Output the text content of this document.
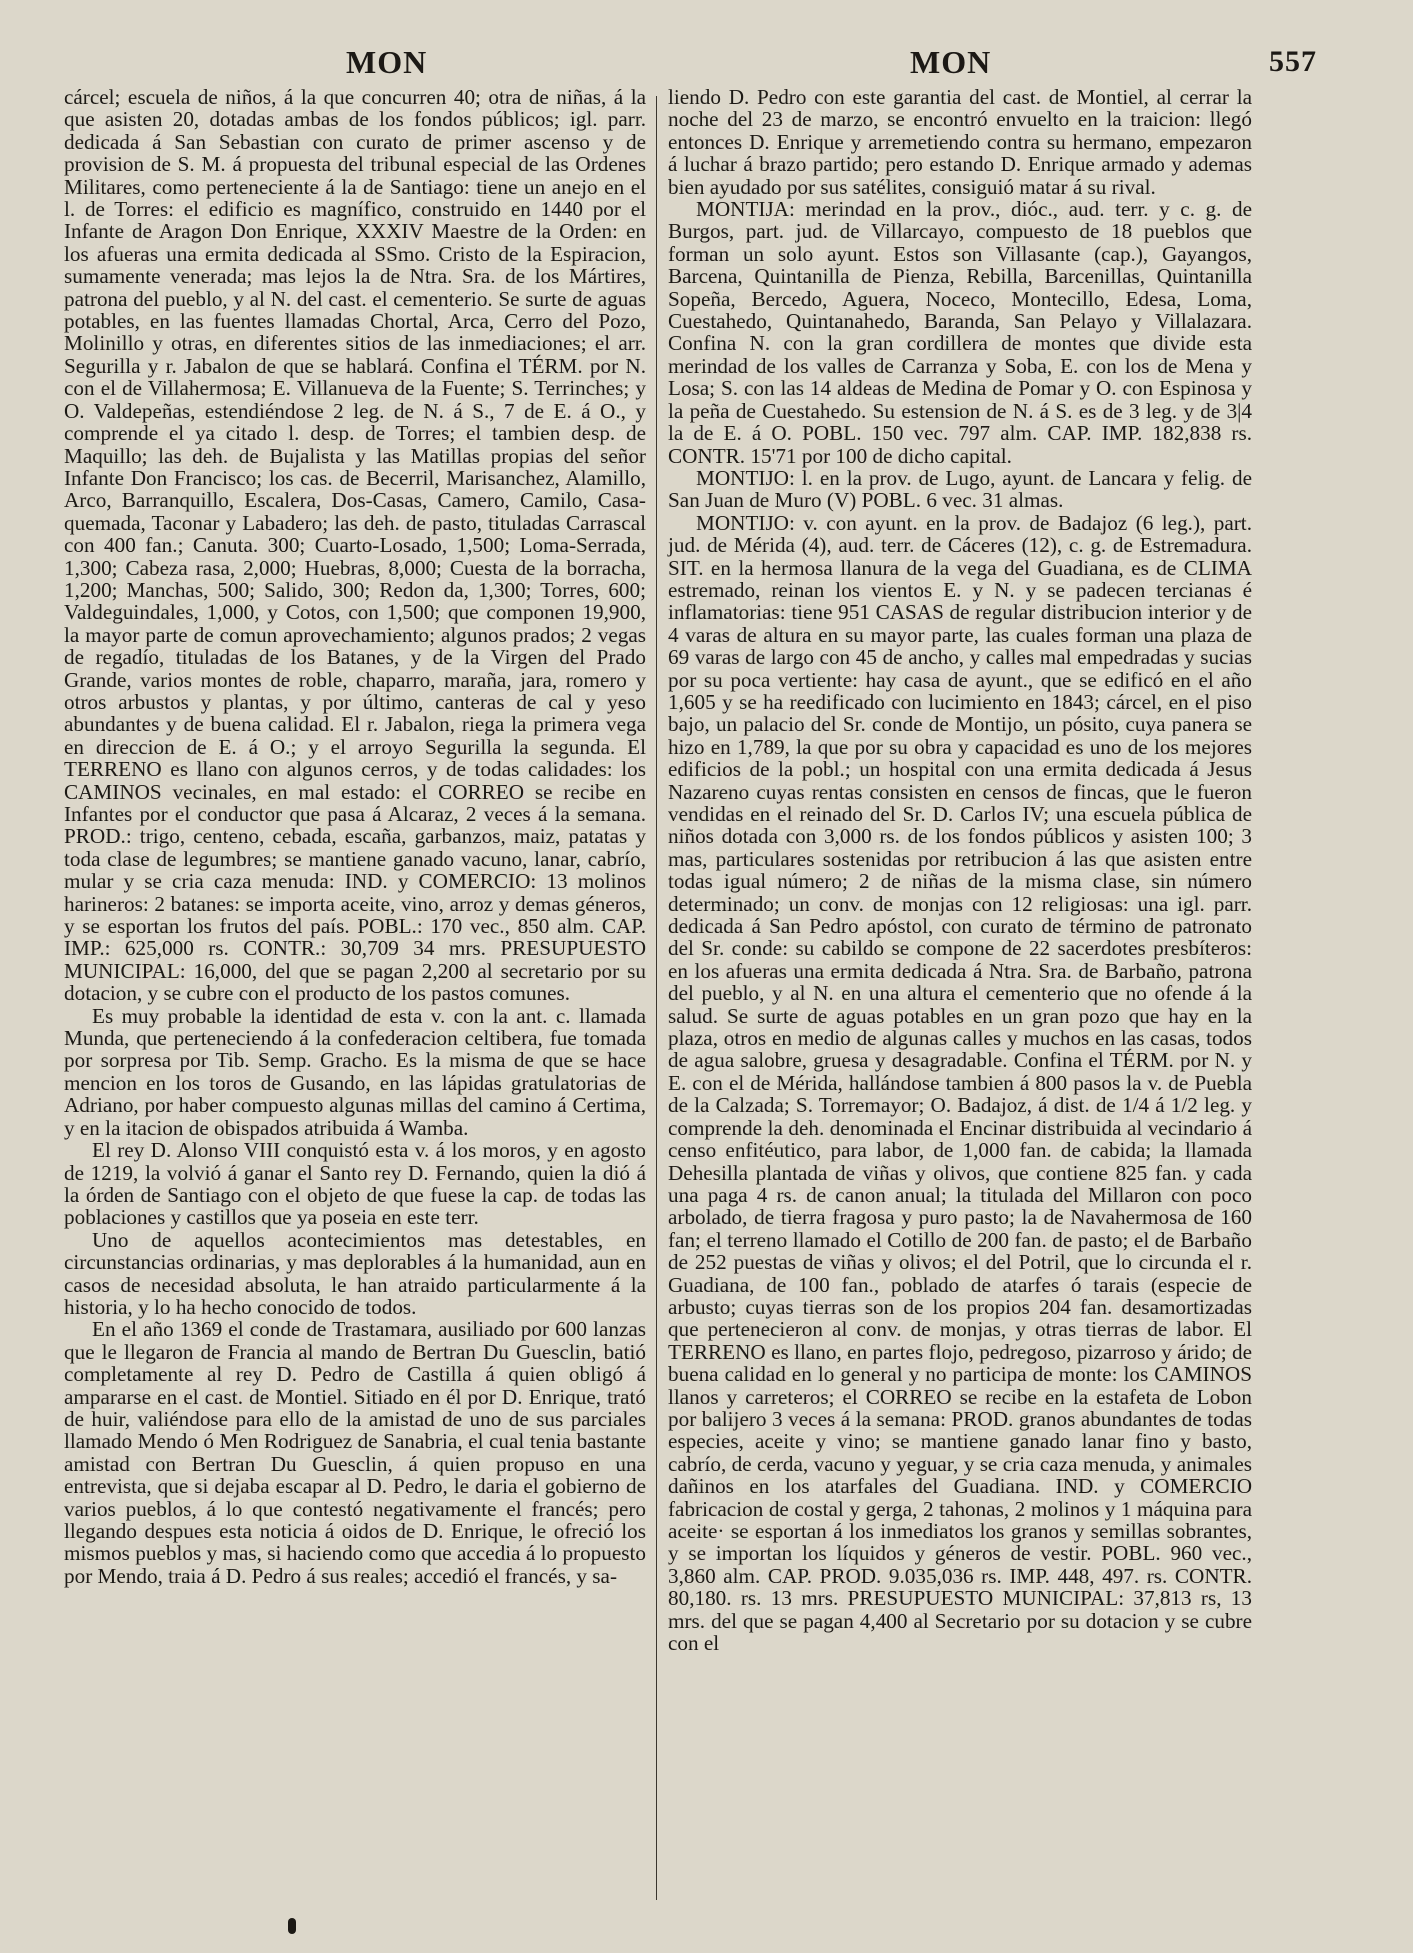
MON	MON	557

cárcel; escuela de niños, á la que concurren 40; otra de niñas, á la que asisten 20, dotadas ambas de los fondos públicos; igl. parr. dedicada á San Sebastian con curato de primer ascenso y de provision de S. M. á propuesta del tribunal especial de las Ordenes Militares, como perteneciente á la de Santiago: tiene un anejo en el l. de Torres: el edificio es magnífico, construido en 1440 por el Infante de Aragon Don Enrique, XXXIV Maestre de la Orden: en los afueras una ermita dedicada al SSmo. Cristo de la Espiracion, sumamente venerada; mas lejos la de Ntra. Sra. de los Mártires, patrona del pueblo, y al N. del cast. el cementerio. Se surte de aguas potables, en las fuentes llamadas Chortal, Arca, Cerro del Pozo, Molinillo y otras, en diferentes sitios de las inmediaciones; el arr. Segurilla y r. Jabalon de que se hablará. Confina el TÉRM. por N. con el de Villahermosa; E. Villanueva de la Fuente; S. Terrinches; y O. Valdepeñas, estendiéndose 2 leg. de N. á S., 7 de E. á O., y comprende el ya citado l. desp. de Torres; el tambien desp. de Maquillo; las deh. de Bujalista y las Matillas propias del señor Infante Don Francisco; los cas. de Becerril, Marisanchez, Alamillo, Arco, Barranquillo, Escalera, Dos-Casas, Camero, Camilo, Casa-quemada, Taconar y Labadero; las deh. de pasto, tituladas Carrascal con 400 fan.; Canuta. 300; Cuarto-Losado, 1,500; Loma-Serrada, 1,300; Cabeza rasa, 2,000; Huebras, 8,000; Cuesta de la borracha, 1,200; Manchas, 500; Salido, 300; Redon da, 1,300; Torres, 600; Valdeguindales, 1,000, y Cotos, con 1,500; que componen 19,900, la mayor parte de comun aprovechamiento; algunos prados; 2 vegas de regadío, tituladas de los Batanes, y de la Virgen del Prado Grande, varios montes de roble, chaparro, maraña, jara, romero y otros arbustos y plantas, y por último, canteras de cal y yeso abundantes y de buena calidad. El r. Jabalon, riega la primera vega en direccion de E. á O.; y el arroyo Segurilla la segunda. El TERRENO es llano con algunos cerros, y de todas calidades: los CAMINOS vecinales, en mal estado: el CORREO se recibe en Infantes por el conductor que pasa á Alcaraz, 2 veces á la semana. PROD.: trigo, centeno, cebada, escaña, garbanzos, maiz, patatas y toda clase de legumbres; se mantiene ganado vacuno, lanar, cabrío, mular y se cria caza menuda: IND. y COMERCIO: 13 molinos harineros: 2 batanes: se importa aceite, vino, arroz y demas géneros, y se esportan los frutos del país. POBL.: 170 vec., 850 alm. CAP. IMP.: 625,000 rs. CONTR.: 30,709 34 mrs. PRESUPUESTO MUNICIPAL: 16,000, del que se pagan 2,200 al secretario por su dotacion, y se cubre con el producto de los pastos comunes.

Es muy probable la identidad de esta v. con la ant. c. llamada Munda, que perteneciendo á la confederacion celtibera, fue tomada por sorpresa por Tib. Semp. Gracho. Es la misma de que se hace mencion en los toros de Gusando, en las lápidas gratulatorias de Adriano, por haber compuesto algunas millas del camino á Certima, y en la itacion de obispados atribuida á Wamba.

El rey D. Alonso VIII conquistó esta v. á los moros, y en agosto de 1219, la volvió á ganar el Santo rey D. Fernando, quien la dió á la órden de Santiago con el objeto de que fuese la cap. de todas las poblaciones y castillos que ya poseia en este terr.

Uno de aquellos acontecimientos mas detestables, en circunstancias ordinarias, y mas deplorables á la humanidad, aun en casos de necesidad absoluta, le han atraido particularmente á la historia, y lo ha hecho conocido de todos.

En el año 1369 el conde de Trastamara, ausiliado por 600 lanzas que le llegaron de Francia al mando de Bertran Du Guesclin, batió completamente al rey D. Pedro de Castilla á quien obligó á ampararse en el cast. de Montiel. Sitiado en él por D. Enrique, trató de huir, valiéndose para ello de la amistad de uno de sus parciales llamado Mendo ó Men Rodriguez de Sanabria, el cual tenia bastante amistad con Bertran Du Guesclin, á quien propuso en una entrevista, que si dejaba escapar al D. Pedro, le daria el gobierno de varios pueblos, á lo que contestó negativamente el francés; pero llegando despues esta noticia á oidos de D. Enrique, le ofreció los mismos pueblos y mas, si haciendo como que accedia á lo propuesto por Mendo, traia á D. Pedro á sus reales; accedió el francés, y sa-

liendo D. Pedro con este garantia del cast. de Montiel, al cerrar la noche del 23 de marzo, se encontró envuelto en la traicion: llegó entonces D. Enrique y arremetiendo contra su hermano, empezaron á luchar á brazo partido; pero estando D. Enrique armado y ademas bien ayudado por sus satélites, consiguió matar á su rival.

MONTIJA: merindad en la prov., dióc., aud. terr. y c. g. de Burgos, part. jud. de Villarcayo, compuesto de 18 pueblos que forman un solo ayunt. Estos son Villasante (cap.), Gayangos, Barcena, Quintanilla de Pienza, Rebilla, Barcenillas, Quintanilla Sopeña, Bercedo, Aguera, Noceco, Montecillo, Edesa, Loma, Cuestahedo, Quintanahedo, Baranda, San Pelayo y Villalazara. Confina N. con la gran cordillera de montes que divide esta merindad de los valles de Carranza y Soba, E. con los de Mena y Losa; S. con las 14 aldeas de Medina de Pomar y O. con Espinosa y la peña de Cuestahedo. Su estension de N. á S. es de 3 leg. y de 3|4 la de E. á O. POBL. 150 vec. 797 alm. CAP. IMP. 182,838 rs. CONTR. 15'71 por 100 de dicho capital.

MONTIJO: l. en la prov. de Lugo, ayunt. de Lancara y felig. de San Juan de Muro (V) POBL. 6 vec. 31 almas.

MONTIJO: v. con ayunt. en la prov. de Badajoz (6 leg.), part. jud. de Mérida (4), aud. terr. de Cáceres (12), c. g. de Estremadura. SIT. en la hermosa llanura de la vega del Guadiana, es de CLIMA estremado, reinan los vientos E. y N. y se padecen tercianas é inflamatorias: tiene 951 CASAS de regular distribucion interior y de 4 varas de altura en su mayor parte, las cuales forman una plaza de 69 varas de largo con 45 de ancho, y calles mal empedradas y sucias por su poca vertiente: hay casa de ayunt., que se edificó en el año 1,605 y se ha reedificado con lucimiento en 1843; cárcel, en el piso bajo, un palacio del Sr. conde de Montijo, un pósito, cuya panera se hizo en 1,789, la que por su obra y capacidad es uno de los mejores edificios de la pobl.; un hospital con una ermita dedicada á Jesus Nazareno cuyas rentas consisten en censos de fincas, que le fueron vendidas en el reinado del Sr. D. Carlos IV; una escuela pública de niños dotada con 3,000 rs. de los fondos públicos y asisten 100; 3 mas, particulares sostenidas por retribucion á las que asisten entre todas igual número; 2 de niñas de la misma clase, sin número determinado; un conv. de monjas con 12 religiosas: una igl. parr. dedicada á San Pedro apóstol, con curato de término de patronato del Sr. conde: su cabildo se compone de 22 sacerdotes presbíteros: en los afueras una ermita dedicada á Ntra. Sra. de Barbaño, patrona del pueblo, y al N. en una altura el cementerio que no ofende á la salud. Se surte de aguas potables en un gran pozo que hay en la plaza, otros en medio de algunas calles y muchos en las casas, todos de agua salobre, gruesa y desagradable. Confina el TÉRM. por N. y E. con el de Mérida, hallándose tambien á 800 pasos la v. de Puebla de la Calzada; S. Torremayor; O. Badajoz, á dist. de 1/4 á 1/2 leg. y comprende la deh. denominada el Encinar distribuida al vecindario á censo enfitéutico, para labor, de 1,000 fan. de cabida; la llamada Dehesilla plantada de viñas y olivos, que contiene 825 fan. y cada una paga 4 rs. de canon anual; la titulada del Millaron con poco arbolado, de tierra fragosa y puro pasto; la de Navahermosa de 160 fan; el terreno llamado el Cotillo de 200 fan. de pasto; el de Barbaño de 252 puestas de viñas y olivos; el del Potril, que lo circunda el r. Guadiana, de 100 fan., poblado de atarfes ó tarais (especie de arbusto; cuyas tierras son de los propios 204 fan. desamortizadas que pertenecieron al conv. de monjas, y otras tierras de labor. El TERRENO es llano, en partes flojo, pedregoso, pizarroso y árido; de buena calidad en lo general y no participa de monte: los CAMINOS llanos y carreteros; el CORREO se recibe en la estafeta de Lobon por balijero 3 veces á la semana: PROD. granos abundantes de todas especies, aceite y vino; se mantiene ganado lanar fino y basto, cabrío, de cerda, vacuno y yeguar, y se cria caza menuda, y animales dañinos en los atarfales del Guadiana. IND. y COMERCIO fabricacion de costal y gerga, 2 tahonas, 2 molinos y 1 máquina para aceite· se esportan á los inmediatos los granos y semillas sobrantes, y se importan los líquidos y géneros de vestir. POBL. 960 vec., 3,860 alm. CAP. PROD. 9.035,036 rs. IMP. 448, 497. rs. CONTR. 80,180. rs. 13 mrs. PRESUPUESTO MUNICIPAL: 37,813 rs, 13 mrs. del que se pagan 4,400 al Secretario por su dotacion y se cubre con el
